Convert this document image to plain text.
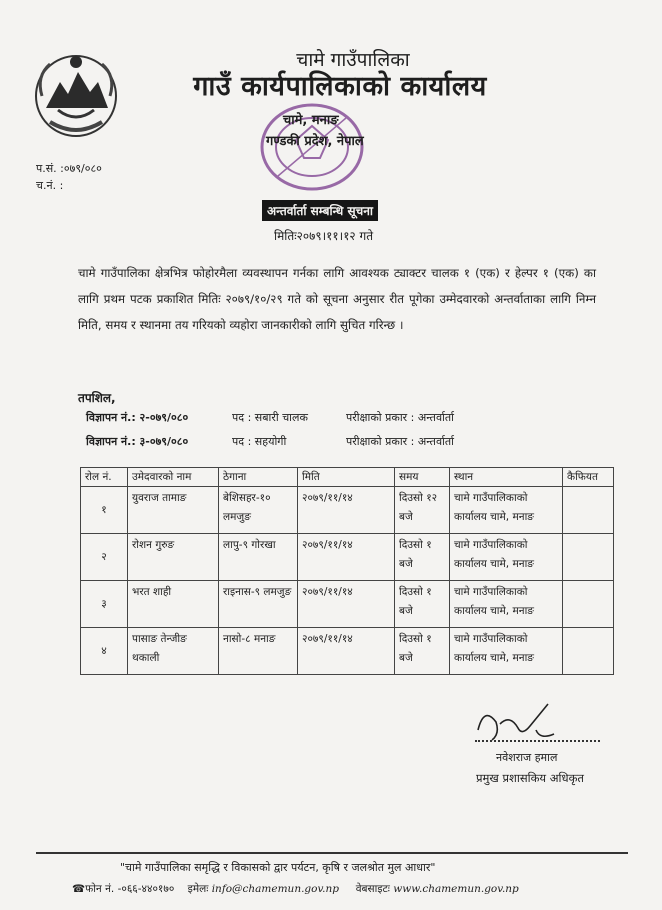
चामे गाउँपालिका
गाउँ कार्यपालिकाको कार्यालय
चामे, मनाङ
गण्डकी प्रदेश, नेपाल
प.सं. :०७९/०८०
च.नं. :
अन्तर्वार्ता सम्बन्धि सूचना
मितिः२०७९।११।१२ गते
चामे गाउँपालिका क्षेत्रभित्र फोहोरमैला व्यवस्थापन गर्नका लागि आवश्यक ट्याक्टर चालक १ (एक) र हेल्पर १ (एक) का लागि प्रथम पटक प्रकाशित मितिः २०७९/१०/२९ गते को सूचना अनुसार रीत पूगेका उम्मेदवारको अन्तर्वाताका लागि निम्न मिति, समय र स्थानमा तय गरियको व्यहोरा जानकारीको लागि सुचित गरिन्छ ।
तपशिल,
विज्ञापन नं.: २-०७९/०८०	पद : सबारी चालक	परीक्षाको प्रकार : अन्तर्वार्ता
विज्ञापन नं.: ३-०७९/०८०	पद : सहयोगी	परीक्षाको प्रकार : अन्तर्वार्ता
रोल नं.	उमेदवारको नाम	ठेगाना	मिति	समय	स्थान	कैफियत
१	युवराज तामाङ	बेशिसहर-१० लमजुङ	२०७९/११/१४	दिउसो १२ बजे	चामे गाउँपालिकाको कार्यालय चामे, मनाङ	
२	रोशन गुरुङ	लापु-९ गोरखा	२०७९/११/१४	दिउसो १ बजे	चामे गाउँपालिकाको कार्यालय चामे, मनाङ	
३	भरत शाही	राइनास-९ लमजुङ	२०७९/११/१४	दिउसो १ बजे	चामे गाउँपालिकाको कार्यालय चामे, मनाङ	
४	पासाङ तेन्जीङ थकाली	नासो-८ मनाङ	२०७९/११/१४	दिउसो १ बजे	चामे गाउँपालिकाको कार्यालय चामे, मनाङ	
नवेशराज हमाल
प्रमुख प्रशासकिय अधिकृत
"चामे गाउँपालिका समृद्धि र विकासको द्वार पर्यटन, कृषि र जलश्रोत मुल आधार"
☎फोन नं. -०६६-४४०१७० इमेलः info@chamemun.gov.np वेबसाइटः www.chamemun.gov.np
